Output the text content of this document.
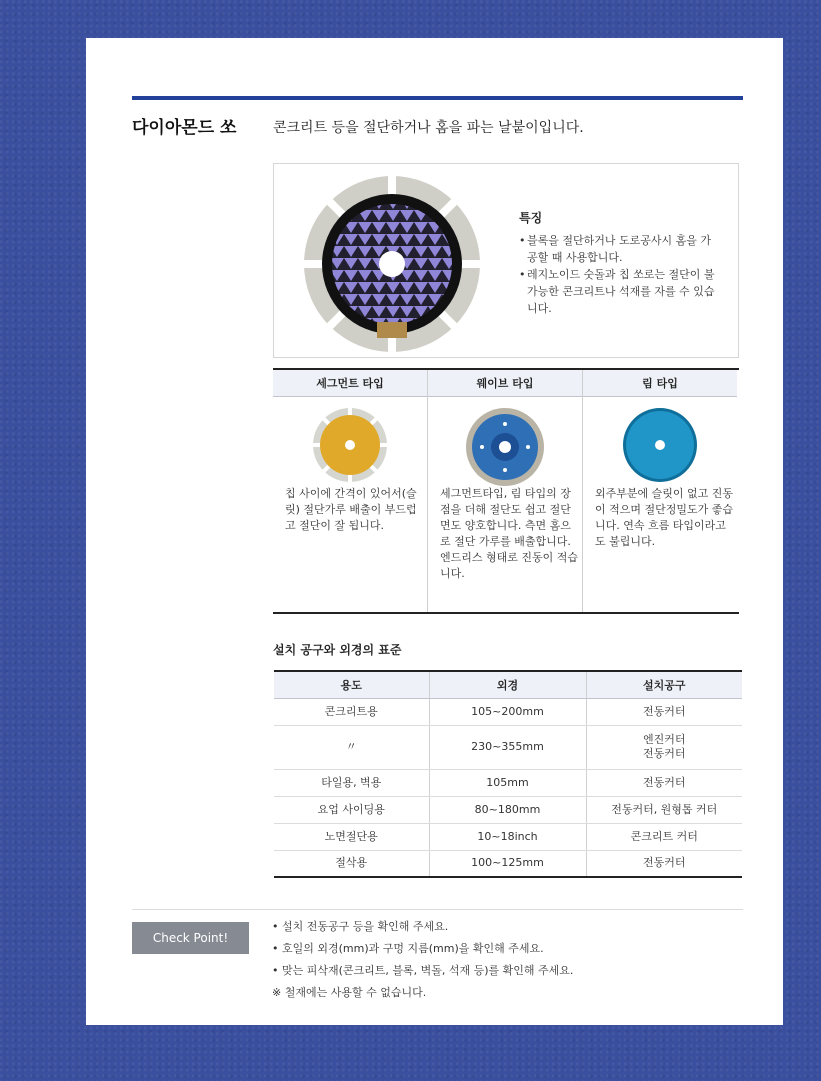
다이아몬드 쏘	콘크리트 등을 절단하거나 홈을 파는 날붙이입니다.
특징
• 블록을 절단하거나 도로공사시 홈을 가공할 때 사용합니다.
• 레지노이드 숫돌과 칩 쏘로는 절단이 불가능한 콘크리트나 석재를 자를 수 있습니다.
세그먼트 타입
칩 사이에 간격이 있어서(슬릿) 절단가루 배출이 부드럽고 절단이 잘 됩니다.
웨이브 타입
세그먼트타입, 림 타입의 장점을 더해 절단도 쉽고 절단면도 양호합니다. 측면 홈으로 절단 가루를 배출합니다. 엔드리스 형태로 진동이 적습니다.
림 타입
외주부분에 슬릿이 없고 진동이 적으며 절단정밀도가 좋습니다. 연속 흐름 타입이라고도 불립니다.
설치 공구와 외경의 표준
용도	외경	설치공구
콘크리트용	105~200mm	전동커터
〃	230~355mm	엔진커터
전동커터

타일용, 벽용	105mm	전동커터
요업 사이딩용	80~180mm	전동커터, 원형톱 커터
노면절단용	10~18inch	콘크리트 커터
절삭용	100~125mm	전동커터
Check Point!
• 설치 전동공구 등을 확인해 주세요.
• 호일의 외경(mm)과 구멍 지름(mm)을 확인해 주세요.
• 맞는 피삭재(콘크리트, 블록, 벽돌, 석재 등)를 확인해 주세요.
※ 철재에는 사용할 수 없습니다.
